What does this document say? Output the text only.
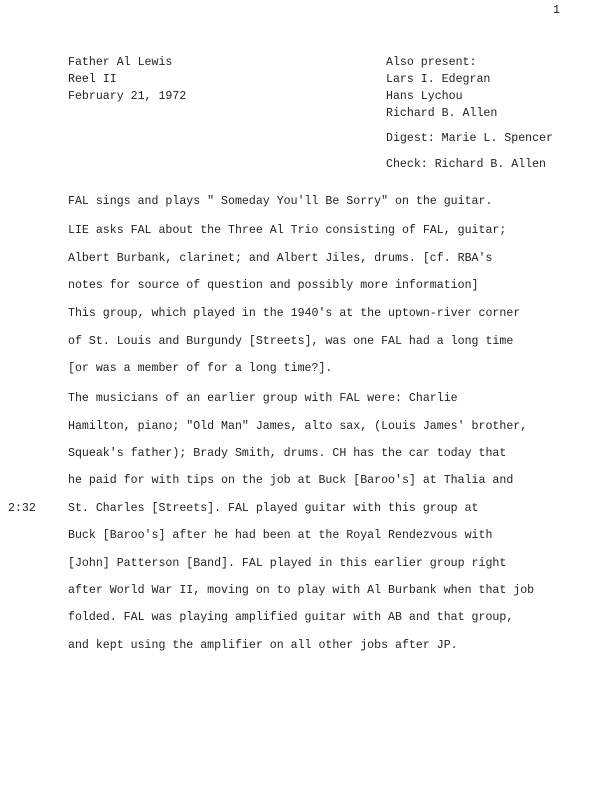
1
Father Al Lewis
Reel II
February 21, 1972
Also present:
Lars I. Edegran
Hans Lychou
Richard B. Allen
Digest: Marie L. Spencer
Check: Richard B. Allen
2:32
FAL sings and plays " Someday You'll Be Sorry" on the guitar.
LIE asks FAL about the Three Al Trio consisting of FAL, guitar;
Albert Burbank, clarinet; and Albert Jiles, drums. [cf. RBA's
notes for source of question and possibly more information]
This group, which played in the 1940's at the uptown-river corner
of St. Louis and Burgundy [Streets], was one FAL had a long time
[or was a member of for a long time?].
The musicians of an earlier group with FAL were: Charlie
Hamilton, piano; "Old Man" James, alto sax, (Louis James' brother,
Squeak's father); Brady Smith, drums. CH has the car today that
he paid for with tips on the job at Buck [Baroo's] at Thalia and
St. Charles [Streets]. FAL played guitar with this group at
Buck [Baroo's] after he had been at the Royal Rendezvous with
[John] Patterson [Band]. FAL played in this earlier group right
after World War II, moving on to play with Al Burbank when that job
folded. FAL was playing amplified guitar with AB and that group,
and kept using the amplifier on all other jobs after JP.
